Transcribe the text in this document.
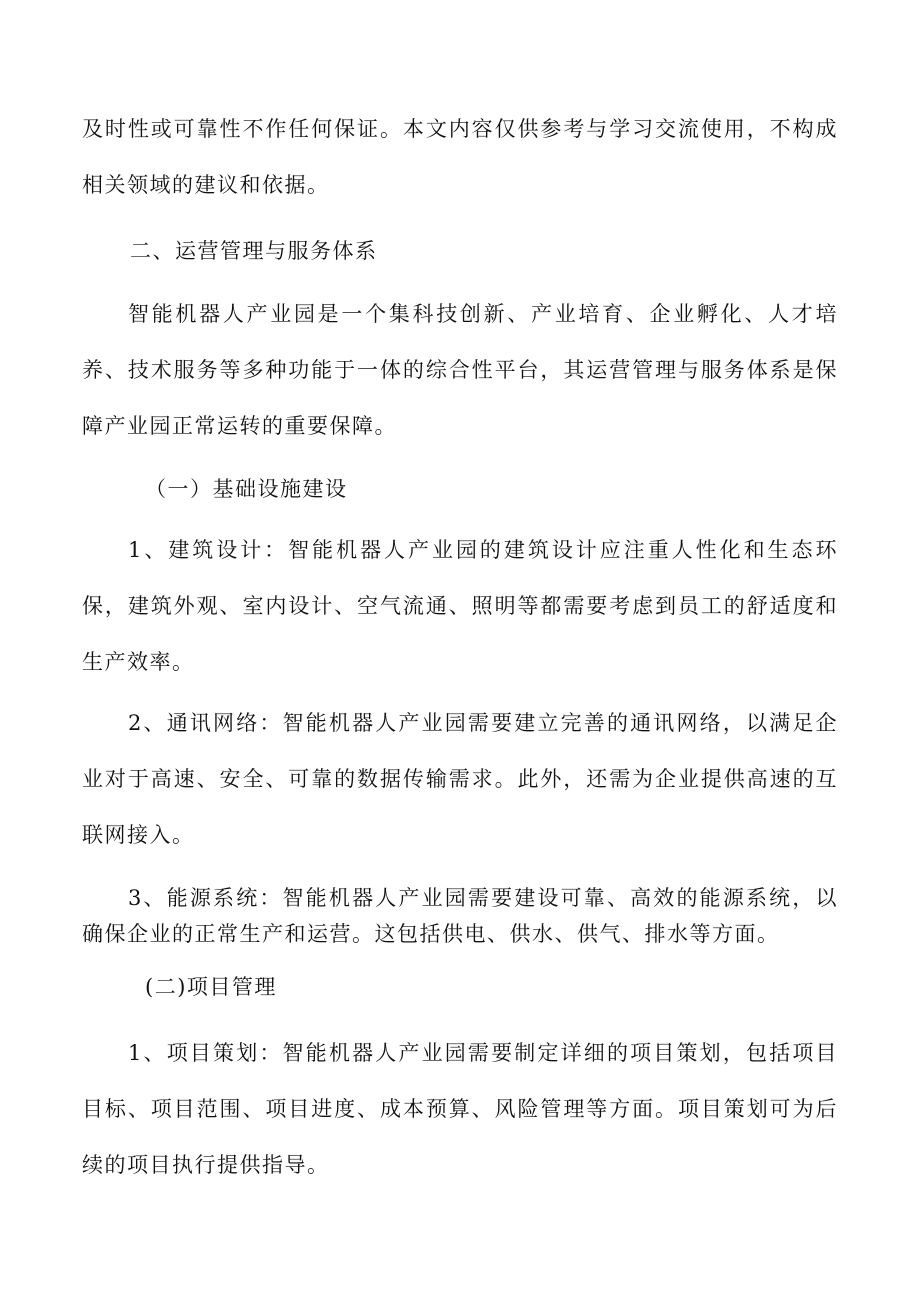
及时性或可靠性不作任何保证。本文内容仅供参考与学习交流使用，不构成相关领域的建议和依据。

二、运营管理与服务体系

智能机器人产业园是一个集科技创新、产业培育、企业孵化、人才培养、技术服务等多种功能于一体的综合性平台，其运营管理与服务体系是保障产业园正常运转的重要保障。

（一）基础设施建设

1、建筑设计：智能机器人产业园的建筑设计应注重人性化和生态环保，建筑外观、室内设计、空气流通、照明等都需要考虑到员工的舒适度和生产效率。

2、通讯网络：智能机器人产业园需要建立完善的通讯网络，以满足企业对于高速、安全、可靠的数据传输需求。此外，还需为企业提供高速的互联网接入。

3、能源系统：智能机器人产业园需要建设可靠、高效的能源系统，以确保企业的正常生产和运营。这包括供电、供水、供气、排水等方面。

(二)项目管理

1、项目策划：智能机器人产业园需要制定详细的项目策划，包括项目目标、项目范围、项目进度、成本预算、风险管理等方面。项目策划可为后续的项目执行提供指导。
